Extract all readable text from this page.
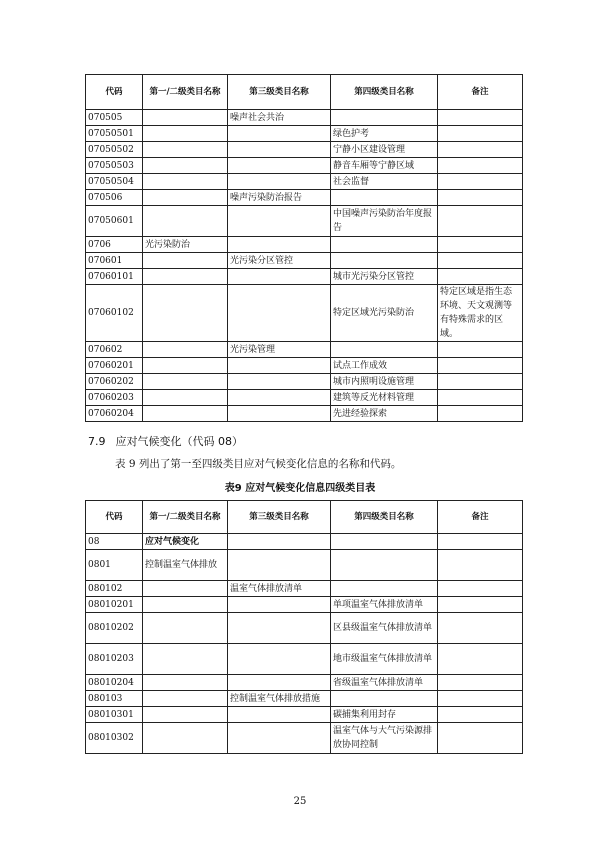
代码	第一/二级类目名称	第三级类目名称	第四级类目名称	备注
070505		噪声社会共治		
07050501			绿色护考	
07050502			宁静小区建设管理	
07050503			静音车厢等宁静区域	
07050504			社会监督	
070506		噪声污染防治报告		
07050601			中国噪声污染防治年度报告	
0706	光污染防治			
070601		光污染分区管控		
07060101			城市光污染分区管控	
07060102			特定区域光污染防治	特定区域是指生态环境、天文观测等有特殊需求的区域。
070602		光污染管理		
07060201			试点工作成效	
07060202			城市内照明设施管理	
07060203			建筑等反光材料管理	
07060204			先进经验探索	
7.9 应对气候变化（代码 08）
表 9 列出了第一至四级类目应对气候变化信息的名称和代码。
表9 应对气候变化信息四级类目表
代码	第一/二级类目名称	第三级类目名称	第四级类目名称	备注
08	应对气候变化			
0801	控制温室气体排放			
080102		温室气体排放清单		
08010201			单项温室气体排放清单	
08010202			区县级温室气体排放清单	
08010203			地市级温室气体排放清单	
08010204			省级温室气体排放清单	
080103		控制温室气体排放措施		
08010301			碳捕集利用封存	
08010302			温室气体与大气污染源排放协同控制	
25
